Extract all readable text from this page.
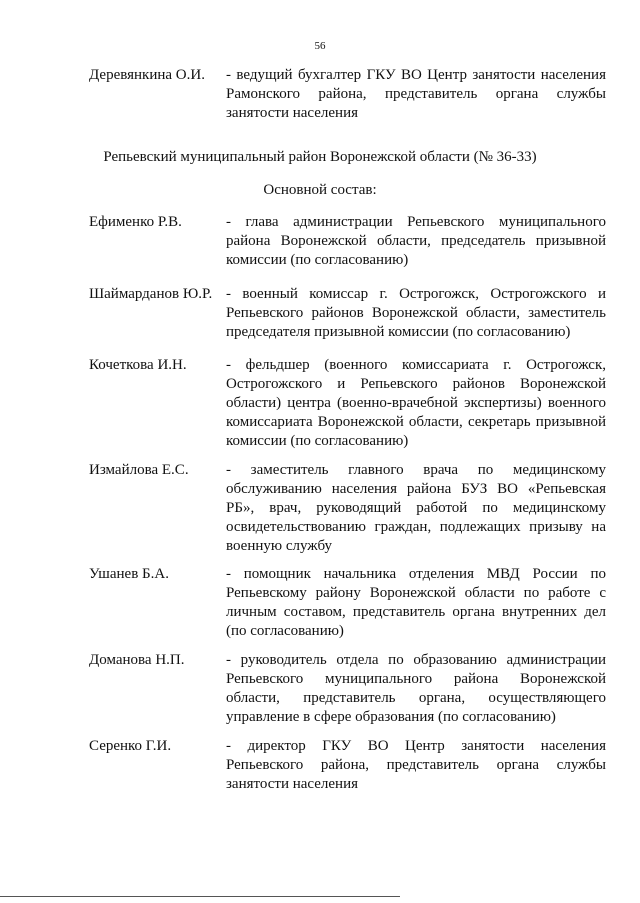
56
Деревянкина О.И. - ведущий бухгалтер ГКУ ВО Центр занятости населения Рамонского района, представитель органа службы занятости населения
Репьевский муниципальный район Воронежской области (№ 36-33)
Основной состав:
Ефименко Р.В.	- глава администрации Репьевского муниципального района Воронежской области, председатель призывной комиссии (по согласованию)
Шаймарданов Ю.Р. - военный комиссар г. Острогожск, Острогожского и Репьевского районов Воронежской области, заместитель председателя призывной комиссии (по согласованию)
Кочеткова И.Н.	- фельдшер (военного комиссариата г. Острогожск, Острогожского и Репьевского районов Воронежской области) центра (военно-врачебной экспертизы) военного комиссариата Воронежской области, секретарь призывной комиссии (по согласованию)
Измайлова Е.С. - заместитель главного врача по медицинскому обслуживанию населения района БУЗ ВО «Репьевская РБ», врач, руководящий работой по медицинскому освидетельствованию граждан, подлежащих призыву на военную службу
Ушанев Б.А.	- помощник начальника отделения МВД России по Репьевскому району Воронежской области по работе с личным составом, представитель органа внутренних дел (по согласованию)
Доманова Н.П.	- руководитель отдела по образованию администрации Репьевского муниципального района Воронежской области, представитель органа, осуществляющего управление в сфере образования (по согласованию)
Серенко Г.И.	- директор ГКУ ВО Центр занятости населения Репьевского района, представитель органа службы занятости населения
